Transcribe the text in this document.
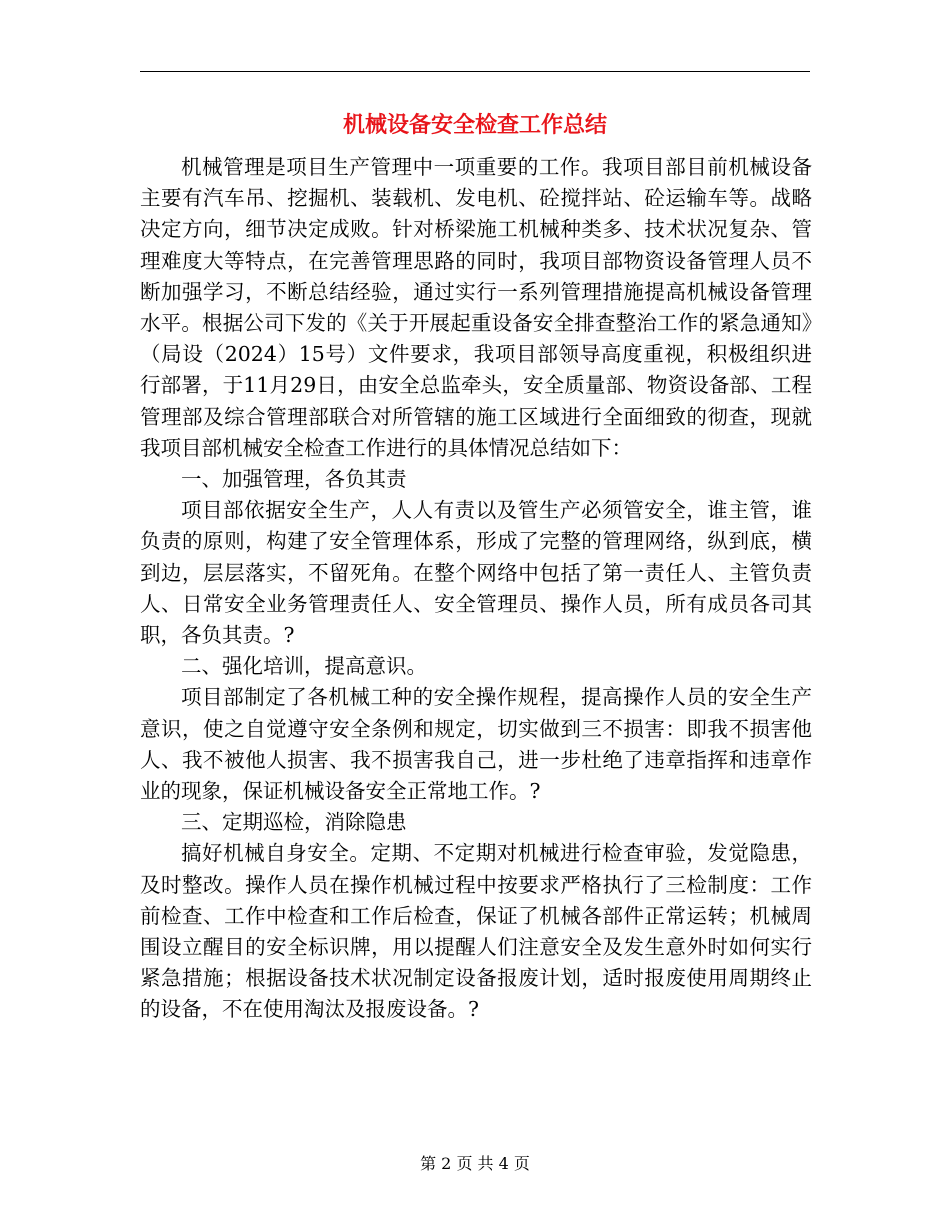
机械设备安全检查工作总结

机械管理是项目生产管理中一项重要的工作。我项目部目前机械设备主要有汽车吊、挖掘机、装载机、发电机、砼搅拌站、砼运输车等。战略决定方向，细节决定成败。针对桥梁施工机械种类多、技术状况复杂、管理难度大等特点，在完善管理思路的同时，我项目部物资设备管理人员不断加强学习，不断总结经验，通过实行一系列管理措施提高机械设备管理水平。根据公司下发的《关于开展起重设备安全排查整治工作的紧急通知》（局设（2024）15号）文件要求，我项目部领导高度重视，积极组织进行部署，于11月29日，由安全总监牵头，安全质量部、物资设备部、工程管理部及综合管理部联合对所管辖的施工区域进行全面细致的彻查，现就我项目部机械安全检查工作进行的具体情况总结如下：

一、加强管理，各负其责

项目部依据安全生产，人人有责以及管生产必须管安全，谁主管，谁负责的原则，构建了安全管理体系，形成了完整的管理网络，纵到底，横到边，层层落实，不留死角。在整个网络中包括了第一责任人、主管负责人、日常安全业务管理责任人、安全管理员、操作人员，所有成员各司其职，各负其责。?

二、强化培训，提高意识。

项目部制定了各机械工种的安全操作规程，提高操作人员的安全生产意识，使之自觉遵守安全条例和规定，切实做到三不损害：即我不损害他人、我不被他人损害、我不损害我自己，进一步杜绝了违章指挥和违章作业的现象，保证机械设备安全正常地工作。?

三、定期巡检，消除隐患

搞好机械自身安全。定期、不定期对机械进行检查审验，发觉隐患，及时整改。操作人员在操作机械过程中按要求严格执行了三检制度：工作前检查、工作中检查和工作后检查，保证了机械各部件正常运转；机械周围设立醒目的安全标识牌，用以提醒人们注意安全及发生意外时如何实行紧急措施；根据设备技术状况制定设备报废计划，适时报废使用周期终止的设备，不在使用淘汰及报废设备。?

第 2 页 共 4 页
